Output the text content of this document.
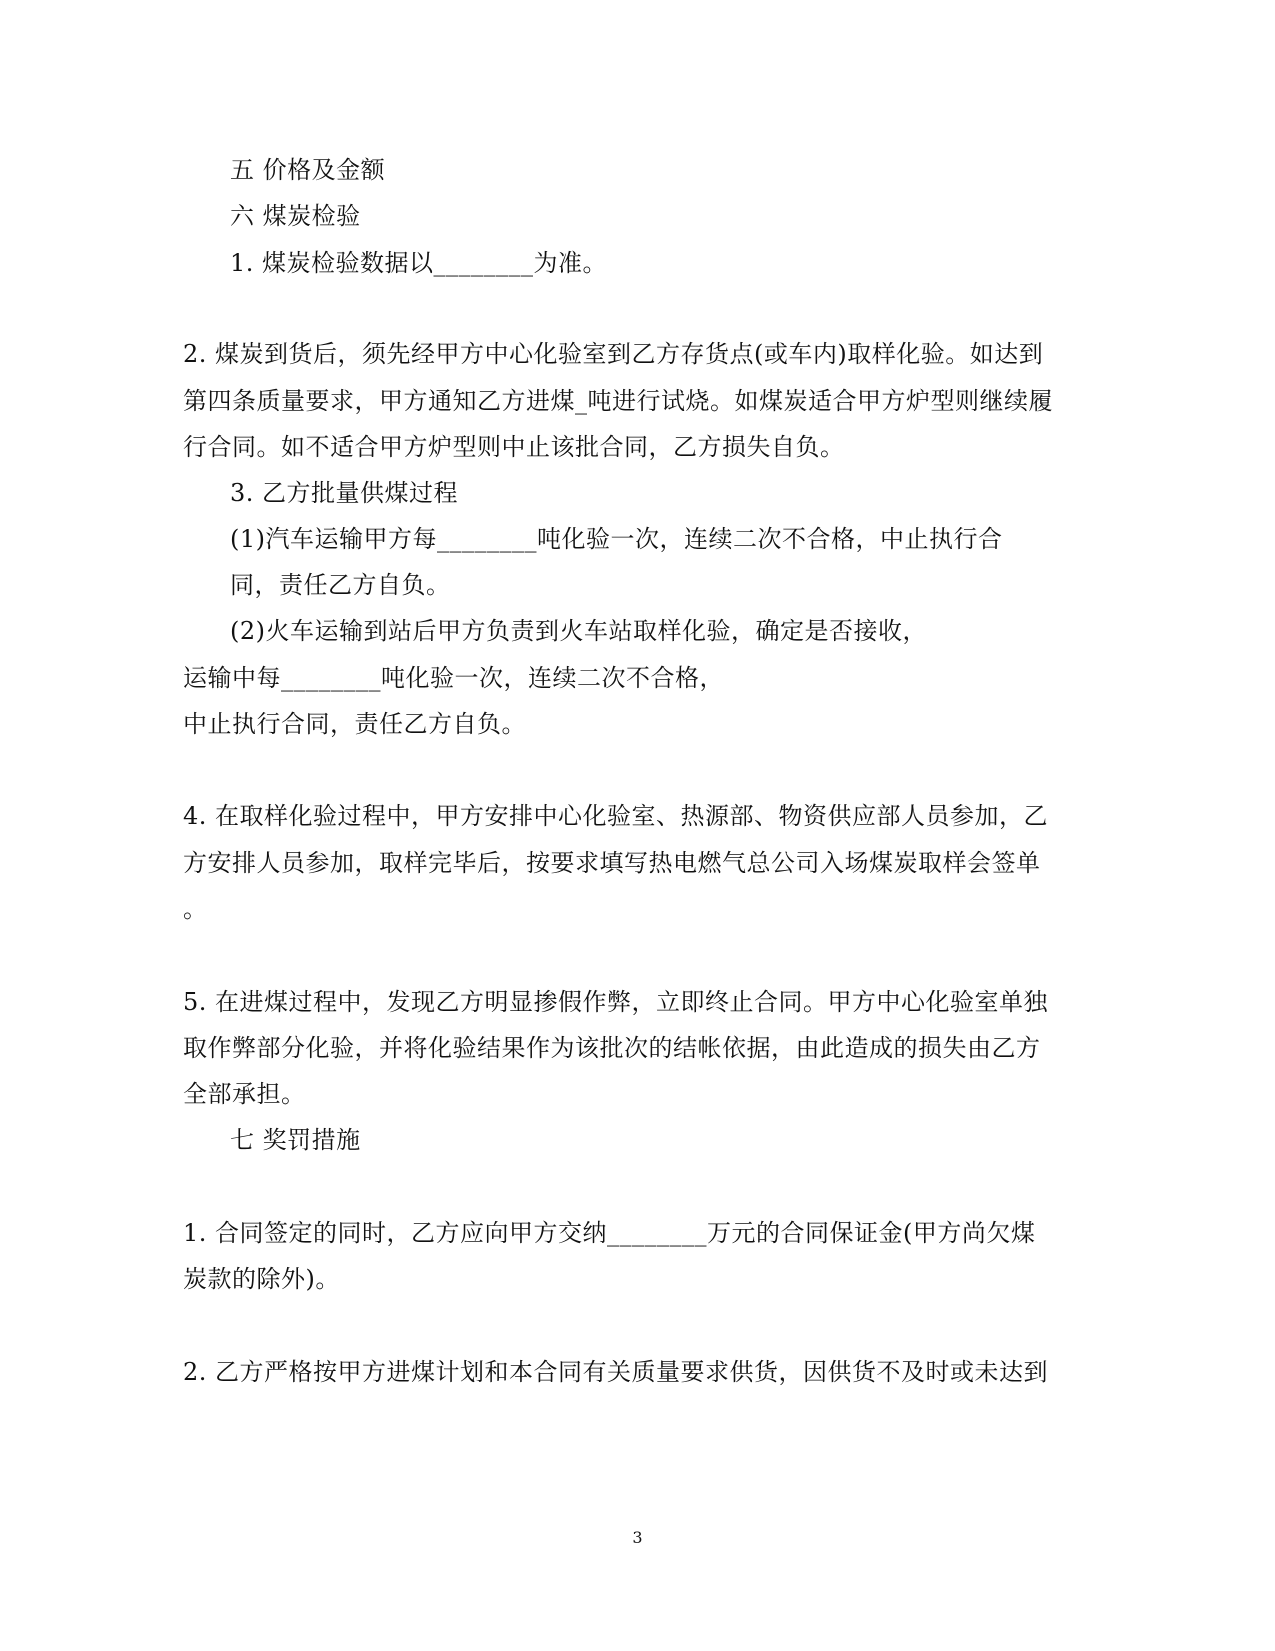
五 价格及金额
六 煤炭检验
1. 煤炭检验数据以________为准。
2. 煤炭到货后，须先经甲方中心化验室到乙方存货点(或车内)取样化验。如达到
第四条质量要求，甲方通知乙方进煤_吨进行试烧。如煤炭适合甲方炉型则继续履
行合同。如不适合甲方炉型则中止该批合同，乙方损失自负。
3. 乙方批量供煤过程
(1)汽车运输甲方每________吨化验一次，连续二次不合格，中止执行合
同，责任乙方自负。
(2)火车运输到站后甲方负责到火车站取样化验，确定是否接收，
运输中每________吨化验一次，连续二次不合格，
中止执行合同，责任乙方自负。
4. 在取样化验过程中，甲方安排中心化验室、热源部、物资供应部人员参加，乙
方安排人员参加，取样完毕后，按要求填写热电燃气总公司入场煤炭取样会签单
。
5. 在进煤过程中，发现乙方明显掺假作弊，立即终止合同。甲方中心化验室单独
取作弊部分化验，并将化验结果作为该批次的结帐依据，由此造成的损失由乙方
全部承担。
七 奖罚措施
1. 合同签定的同时，乙方应向甲方交纳________万元的合同保证金(甲方尚欠煤
炭款的除外)。
2. 乙方严格按甲方进煤计划和本合同有关质量要求供货，因供货不及时或未达到
3
